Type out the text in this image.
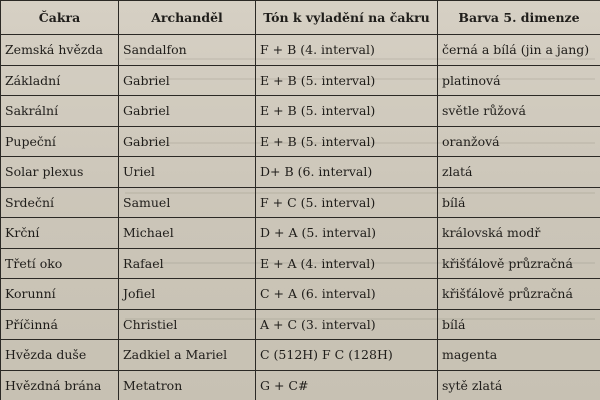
Čakra	Archanděl	Tón k vyladění na čakru	Barva 5. dimenze
Zemská hvězda	Sandalfon	F + B (4. interval)	černá a bílá (jin a jang)
Základní	Gabriel	E + B (5. interval)	platinová
Sakrální	Gabriel	E + B (5. interval)	světle růžová
Pupeční	Gabriel	E + B (5. interval)	oranžová
Solar plexus	Uriel	D+ B (6. interval)	zlatá
Srdeční	Samuel	F + C (5. interval)	bílá
Krční	Michael	D + A (5. interval)	královská modř
Třetí oko	Rafael	E + A (4. interval)	křišťálově průzračná
Korunní	Jofiel	C + A (6. interval)	křišťálově průzračná
Příčinná	Christiel	A + C (3. interval)	bílá
Hvězda duše	Zadkiel a Mariel	C (512H) F C (128H)	magenta
Hvězdná brána	Metatron	G + C#	sytě zlatá
